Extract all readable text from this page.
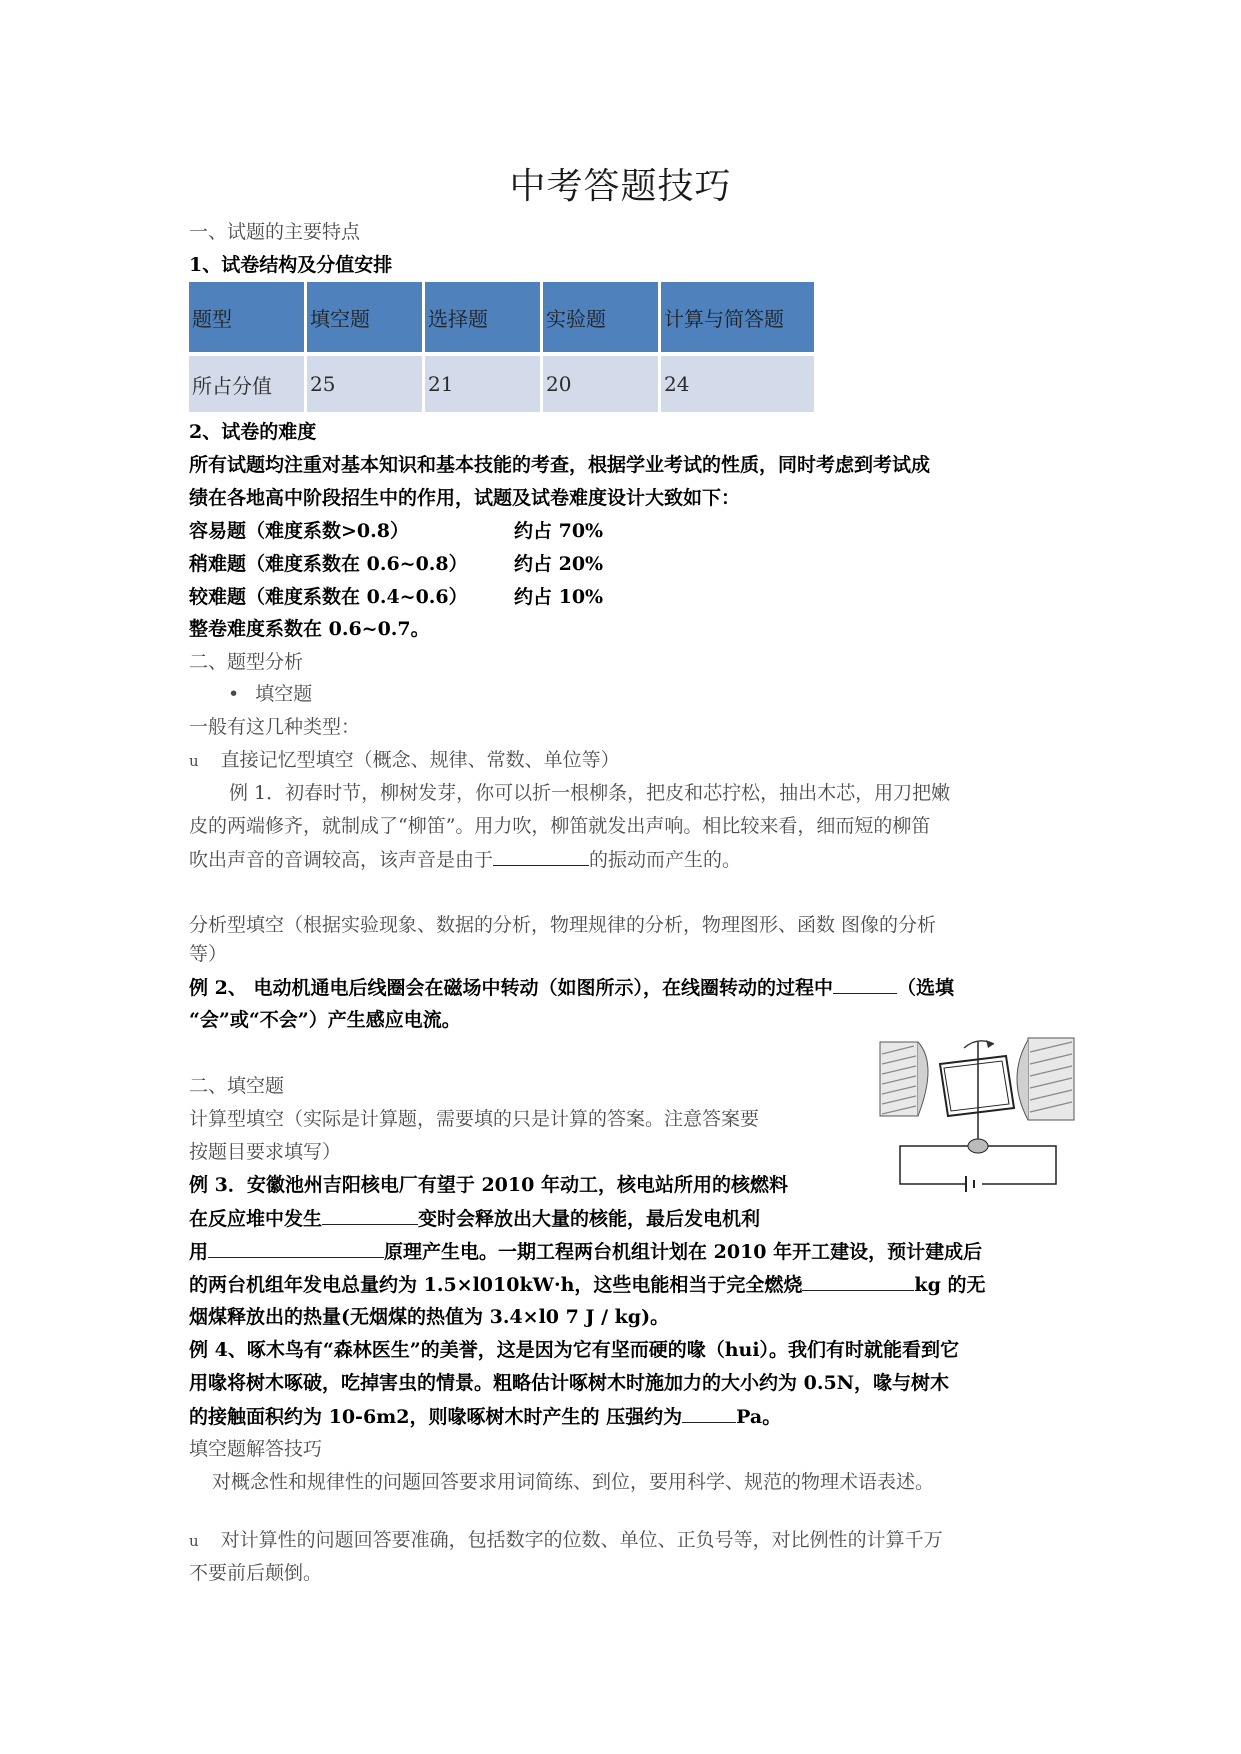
中考答题技巧
一、试题的主要特点
1、试卷结构及分值安排
题型	填空题	选择题	实验题	计算与简答题

所占分值	25	21	20	24
2、试卷的难度
所有试题均注重对基本知识和基本技能的考查，根据学业考试的性质，同时考虑到考试成
绩在各地高中阶段招生中的作用，试题及试卷难度设计大致如下：
容易题（难度系数>0.8）	约占 70%
稍难题（难度系数在 0.6~0.8） 约占 20%
较难题（难度系数在 0.4~0.6） 约占 10%
整卷难度系数在 0.6~0.7。
二、题型分析
• 填空题
一般有这几种类型：
u 直接记忆型填空（概念、规律、常数、单位等）
例 1．初春时节，柳树发芽，你可以折一根柳条，把皮和芯拧松，抽出木芯，用刀把嫩
皮的两端修齐，就制成了“柳笛”。用力吹，柳笛就发出声响。相比较来看，细而短的柳笛
吹出声音的音调较高，该声音是由于	的振动而产生的。
分析型填空（根据实验现象、数据的分析，物理规律的分析，物理图形、函数 图像的分析
等）
例 2、 电动机通电后线圈会在磁场中转动（如图所示），在线圈转动的过程中	（选填
“会”或“不会”）产生感应电流。
二、填空题
计算型填空（实际是计算题，需要填的只是计算的答案。注意答案要
按题目要求填写）
例 3．安徽池州吉阳核电厂有望于 2010 年动工，核电站所用的核燃料
在反应堆中发生	变时会释放出大量的核能，最后发电机利
用	原理产生电。一期工程两台机组计划在 2010 年开工建设，预计建成后
的两台机组年发电总量约为 1.5×l010kW·h，这些电能相当于完全燃烧	kg 的无
烟煤释放出的热量(无烟煤的热值为 3.4×l0 7 J / kg)。
例 4、啄木鸟有“森林医生”的美誉，这是因为它有坚而硬的喙（hui）。我们有时就能看到它
用喙将树木啄破，吃掉害虫的情景。粗略估计啄树木时施加力的大小约为 0.5N，喙与树木
的接触面积约为 10-6m2，则喙啄树木时产生的 压强约为	Pa。
填空题解答技巧
对概念性和规律性的问题回答要求用词简练、到位，要用科学、规范的物理术语表述。
u 对计算性的问题回答要准确，包括数字的位数、单位、正负号等，对比例性的计算千万
不要前后颠倒。
